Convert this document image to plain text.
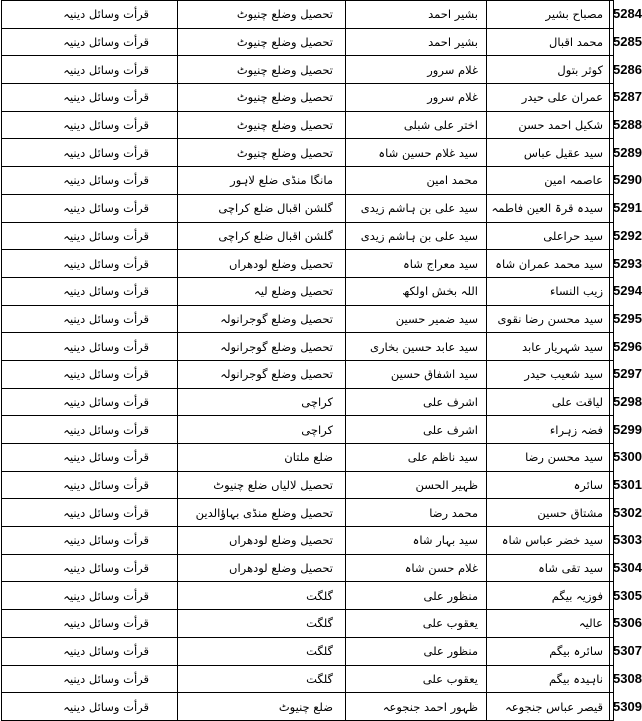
قرأت وسائل دینیہ	تحصیل وضلع چنیوٹ	بشیر احمد	مصباح بشیر	5284
قرأت وسائل دینیہ	تحصیل وضلع چنیوٹ	بشیر احمد	محمد اقبال	5285
قرأت وسائل دینیہ	تحصیل وضلع چنیوٹ	غلام سرور	کوثر بتول	5286
قرأت وسائل دینیہ	تحصیل وضلع چنیوٹ	غلام سرور	عمران علی حیدر	5287
قرأت وسائل دینیہ	تحصیل وضلع چنیوٹ	اختر علی شبلی	شکیل احمد حسن	5288
قرأت وسائل دینیہ	تحصیل وضلع چنیوٹ	سید غلام حسین شاہ	سید عقیل عباس	5289
قرأت وسائل دینیہ	مانگا منڈی ضلع لاہور	محمد امین	عاصمہ امین	5290
قرأت وسائل دینیہ	گلشن اقبال ضلع کراچی	سید علی بن ہاشم زیدی	سیدہ قرۃ العین فاطمہ	5291
قرأت وسائل دینیہ	گلشن اقبال ضلع کراچی	سید علی بن ہاشم زیدی	سید حراعلی	5292
قرأت وسائل دینیہ	تحصیل وضلع لودھراں	سید معراج شاہ	سید محمد عمران شاہ	5293
قرأت وسائل دینیہ	تحصیل وضلع لیہ	اللہ بخش اولکھ	زیب النساء	5294
قرأت وسائل دینیہ	تحصیل وضلع گوجرانولہ	سید ضمیر حسین	سید محسن رضا نقوی	5295
قرأت وسائل دینیہ	تحصیل وضلع گوجرانولہ	سید عابد حسین بخاری	سید شہریار عابد	5296
قرأت وسائل دینیہ	تحصیل وضلع گوجرانولہ	سید اشفاق حسین	سید شعیب حیدر	5297
قرأت وسائل دینیہ	کراچی	اشرف علی	لیاقت علی	5298
قرأت وسائل دینیہ	کراچی	اشرف علی	فضہ زہراء	5299
قرأت وسائل دینیہ	ضلع ملتان	سید ناظم علی	سید محسن رضا	5300
قرأت وسائل دینیہ	تحصیل لالیاں ضلع چنیوٹ	ظہیر الحسن	سائرہ	5301
قرأت وسائل دینیہ	تحصیل وضلع منڈی بہاؤالدین	محمد رضا	مشتاق حسین	5302
قرأت وسائل دینیہ	تحصیل وضلع لودھراں	سید بہار شاہ	سید خضر عباس شاہ	5303
قرأت وسائل دینیہ	تحصیل وضلع لودھراں	غلام حسن شاہ	سید تقی شاہ	5304
قرأت وسائل دینیہ	گلگت	منظور علی	فوزیہ بیگم	5305
قرأت وسائل دینیہ	گلگت	یعقوب علی	عالیہ	5306
قرأت وسائل دینیہ	گلگت	منظور علی	سائرہ بیگم	5307
قرأت وسائل دینیہ	گلگت	یعقوب علی	ناہیدہ بیگم	5308
قرأت وسائل دینیہ	ضلع چنیوٹ	ظہور احمد جنجوعہ	قیصر عباس جنجوعہ	5309
